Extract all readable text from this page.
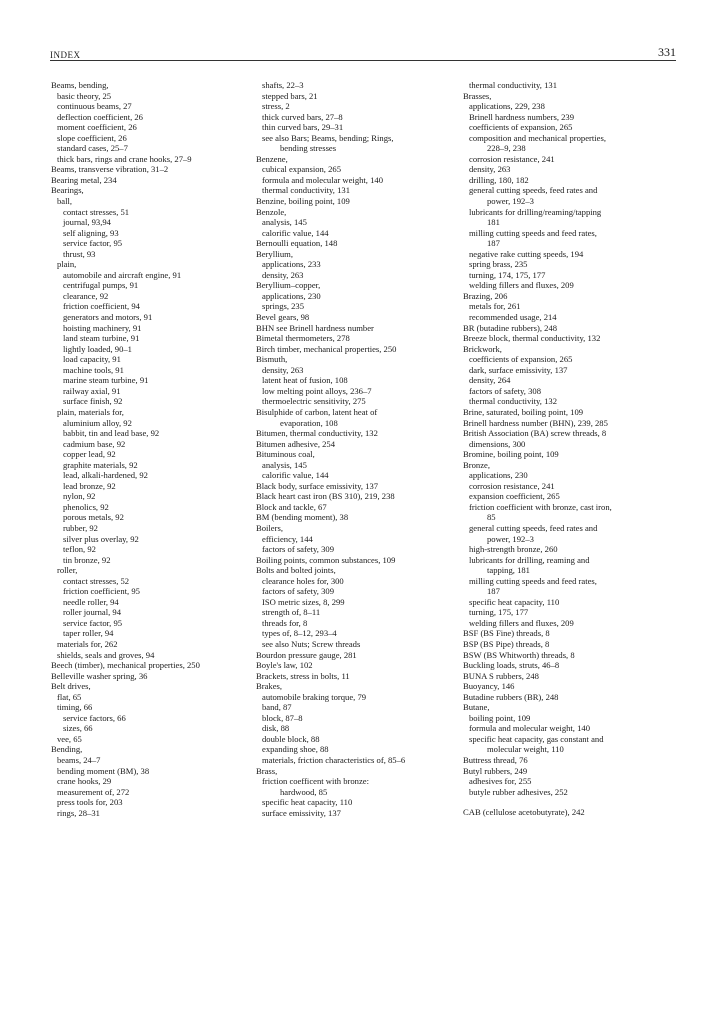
INDEX	331
Beams, bending,
basic theory, 25
continuous beams, 27
deflection coefficient, 26
moment coefficient, 26
slope coefficient, 26
standard cases, 25–7
thick bars, rings and crane hooks, 27–9
Beams, transverse vibration, 31–2
Bearing metal, 234
Bearings,
ball,
contact stresses, 51
journal, 93,94
self aligning, 93
service factor, 95
thrust, 93
plain,
automobile and aircraft engine, 91
centrifugal pumps, 91
clearance, 92
friction coefficient, 94
generators and motors, 91
hoisting machinery, 91
land steam turbine, 91
lightly loaded, 90–1
load capacity, 91
machine tools, 91
marine steam turbine, 91
railway axial, 91
surface finish, 92
plain, materials for,
aluminium alloy, 92
babbit, tin and lead base, 92
cadmium base, 92
copper lead, 92
graphite materials, 92
lead, alkali-hardened, 92
lead bronze, 92
nylon, 92
phenolics, 92
porous metals, 92
rubber, 92
silver plus overlay, 92
teflon, 92
tin bronze, 92
roller,
contact stresses, 52
friction coefficient, 95
needle roller, 94
roller journal, 94
service factor, 95
taper roller, 94
materials for, 262
shields, seals and groves, 94
Beech (timber), mechanical properties, 250
Belleville washer spring, 36
Belt drives,
flat, 65
timing, 66
service factors, 66
sizes, 66
vee, 65
Bending,
beams, 24–7
bending moment (BM), 38
crane hooks, 29
measurement of, 272
press tools for, 203
rings, 28–31
shafts, 22–3
stepped bars, 21
stress, 2
thick curved bars, 27–8
thin curved bars, 29–31
see also Bars; Beams, bending; Rings,
bending stresses
Benzene,
cubical expansion, 265
formula and molecular weight, 140
thermal conductivity, 131
Benzine, boiling point, 109
Benzole,
analysis, 145
calorific value, 144
Bernoulli equation, 148
Beryllium,
applications, 233
density, 263
Beryllium–copper,
applications, 230
springs, 235
Bevel gears, 98
BHN see Brinell hardness number
Bimetal thermometers, 278
Birch timber, mechanical properties, 250
Bismuth,
density, 263
latent heat of fusion, 108
low melting point alloys, 236–7
thermoelectric sensitivity, 275
Bisulphide of carbon, latent heat of
evaporation, 108
Bitumen, thermal conductivity, 132
Bitumen adhesive, 254
Bituminous coal,
analysis, 145
calorific value, 144
Black body, surface emissivity, 137
Black heart cast iron (BS 310), 219, 238
Block and tackle, 67
BM (bending moment), 38
Boilers,
efficiency, 144
factors of safety, 309
Boiling points, common substances, 109
Bolts and bolted joints,
clearance holes for, 300
factors of safety, 309
ISO metric sizes, 8, 299
strength of, 8–11
threads for, 8
types of, 8–12, 293–4
see also Nuts; Screw threads
Bourdon pressure gauge, 281
Boyle's law, 102
Brackets, stress in bolts, 11
Brakes,
automobile braking torque, 79
band, 87
block, 87–8
disk, 88
double block, 88
expanding shoe, 88
materials, friction characteristics of, 85–6
Brass,
friction coefficent with bronze:
hardwood, 85
specific heat capacity, 110
surface emissivity, 137
thermal conductivity, 131
Brasses,
applications, 229, 238
Brinell hardness numbers, 239
coefficients of expansion, 265
composition and mechanical properties,
228–9, 238
corrosion resistance, 241
density, 263
drilling, 180, 182
general cutting speeds, feed rates and
power, 192–3
lubricants for drilling/reaming/tapping
181
milling cutting speeds and feed rates,
187
negative rake cutting speeds, 194
spring brass, 235
turning, 174, 175, 177
welding fillers and fluxes, 209
Brazing, 206
metals for, 261
recommended usage, 214
BR (butadine rubbers), 248
Breeze block, thermal conductivity, 132
Brickwork,
coefficients of expansion, 265
dark, surface emissivity, 137
density, 264
factors of safety, 308
thermal conductivity, 132
Brine, saturated, boiling point, 109
Brinell hardness number (BHN), 239, 285
British Association (BA) screw threads, 8
dimensions, 300
Bromine, boiling point, 109
Bronze,
applications, 230
corrosion resistance, 241
expansion coefficient, 265
friction coefficient with bronze, cast iron,
85
general cutting speeds, feed rates and
power, 192–3
high-strength bronze, 260
lubricants for drilling, reaming and
tapping, 181
milling cutting speeds and feed rates,
187
specific heat capacity, 110
turning, 175, 177
welding fillers and fluxes, 209
BSF (BS Fine) threads, 8
BSP (BS Pipe) threads, 8
BSW (BS Whitworth) threads, 8
Buckling loads, struts, 46–8
BUNA S rubbers, 248
Buoyancy, 146
Butadine rubbers (BR), 248
Butane,
boiling point, 109
formula and molecular weight, 140
specific heat capacity, gas constant and
molecular weight, 110
Buttress thread, 76
Butyl rubbers, 249
adhesives for, 255
butyle rubber adhesives, 252
CAB (cellulose acetobutyrate), 242
